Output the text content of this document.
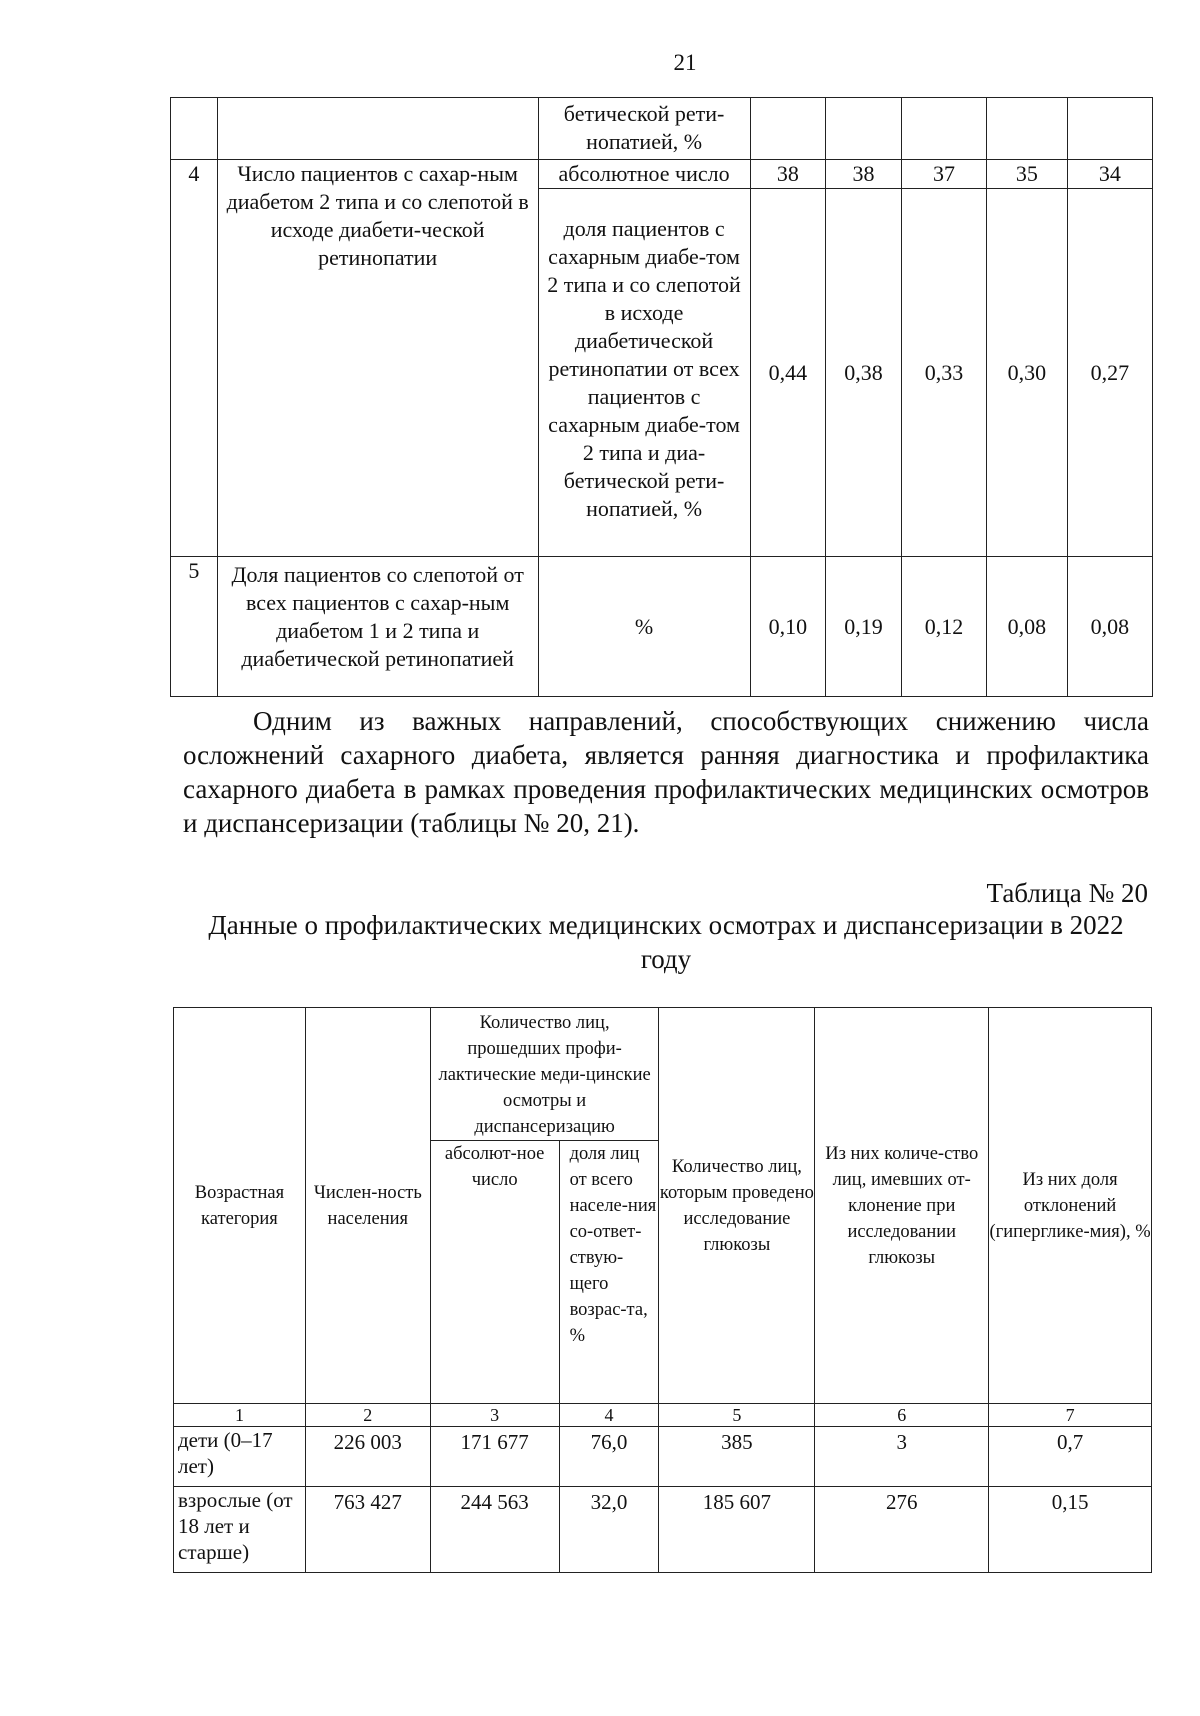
21
		бетической рети-нопатией, %					
4	Число пациентов с сахар-ным диабетом 2 типа и со слепотой в исходе диабети-ческой ретинопатии	абсолютное число	38	38	37	35	34
		доля пациентов с сахарным диабе-том 2 типа и со слепотой в исходе диабетической ретинопатии от всех пациентов с сахарным диабе-том 2 типа и диа-бетической рети-нопатией, %	0,44	0,38	0,33	0,30	0,27
5	Доля пациентов со слепотой от всех пациентов с сахар-ным диабетом 1 и 2 типа и диабетической ретинопатией	%	0,10	0,19	0,12	0,08	0,08
Одним из важных направлений, способствующих снижению числа осложнений сахарного диабета, является ранняя диагностика и профилактика сахарного диабета в рамках проведения профилактических медицинских осмотров и диспансеризации (таблицы № 20, 21).
Таблица № 20
Данные о профилактических медицинских осмотрах и диспансеризации в 2022 году
Возрастная категория	Числен-ность населения	Количество лиц, прошедших профи-лактические меди-цинские осмотры и диспансеризацию		Количество лиц, которым проведено исследование глюкозы	Из них количе-ство лиц, имевших от-клонение при исследовании глюкозы	Из них доля отклонений (гипергликe-мия), %
		абсолют-ное число	доля лиц от всего населе-ния со-ответ-ствую-щего возрас-та, %			
1	2	3	4	5	6	7
дети (0–17 лет)	226 003	171 677	76,0	385	3	0,7
взрослые (от 18 лет и старше)	763 427	244 563	32,0	185 607	276	0,15
